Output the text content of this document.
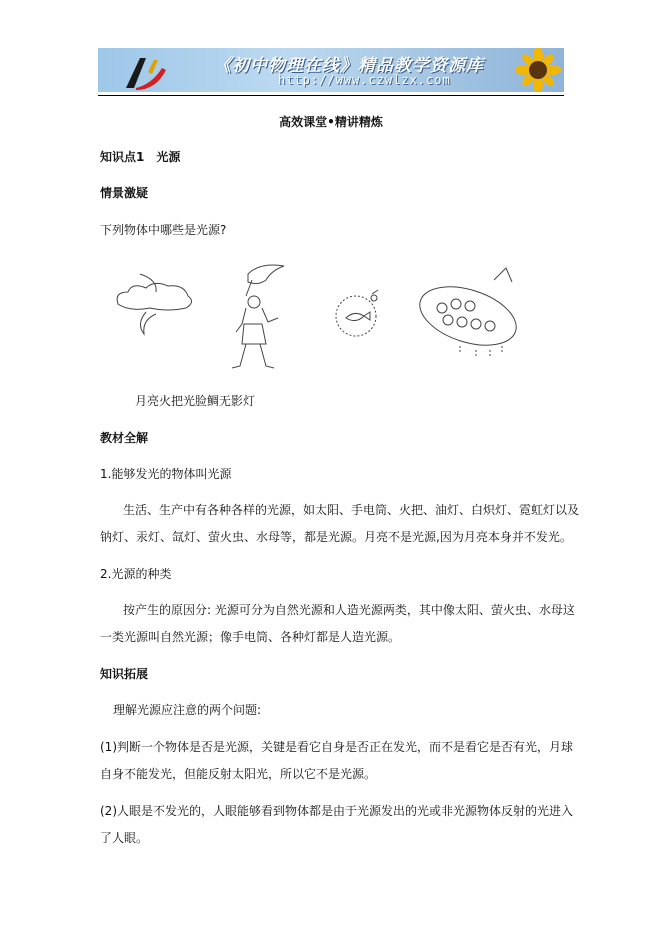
《初中物理在线》精品教学资源库
http://www.czwlzx.com
高效课堂•精讲精炼
知识点1　光源
情景激疑
下列物体中哪些是光源?
月亮火把光脸鲷无影灯
教材全解
1.能够发光的物体叫光源
生活、生产中有各种各样的光源，如太阳、手电筒、火把、油灯、白炽灯、霓虹灯以及
钠灯、汞灯、氙灯、萤火虫、水母等，都是光源。月亮不是光源,因为月亮本身并不发光。
2.光源的种类
按产生的原因分: 光源可分为自然光源和人造光源两类，其中像太阳、萤火虫、水母这
一类光源叫自然光源；像手电筒、各种灯都是人造光源。
知识拓展
理解光源应注意的两个问题:
(1)判断一个物体是否是光源，关键是看它自身是否正在发光，而不是看它是否有光，月球
自身不能发光，但能反射太阳光，所以它不是光源。
(2)人眼是不发光的，人眼能够看到物体都是由于光源发出的光或非光源物体反射的光进入
了人眼。
